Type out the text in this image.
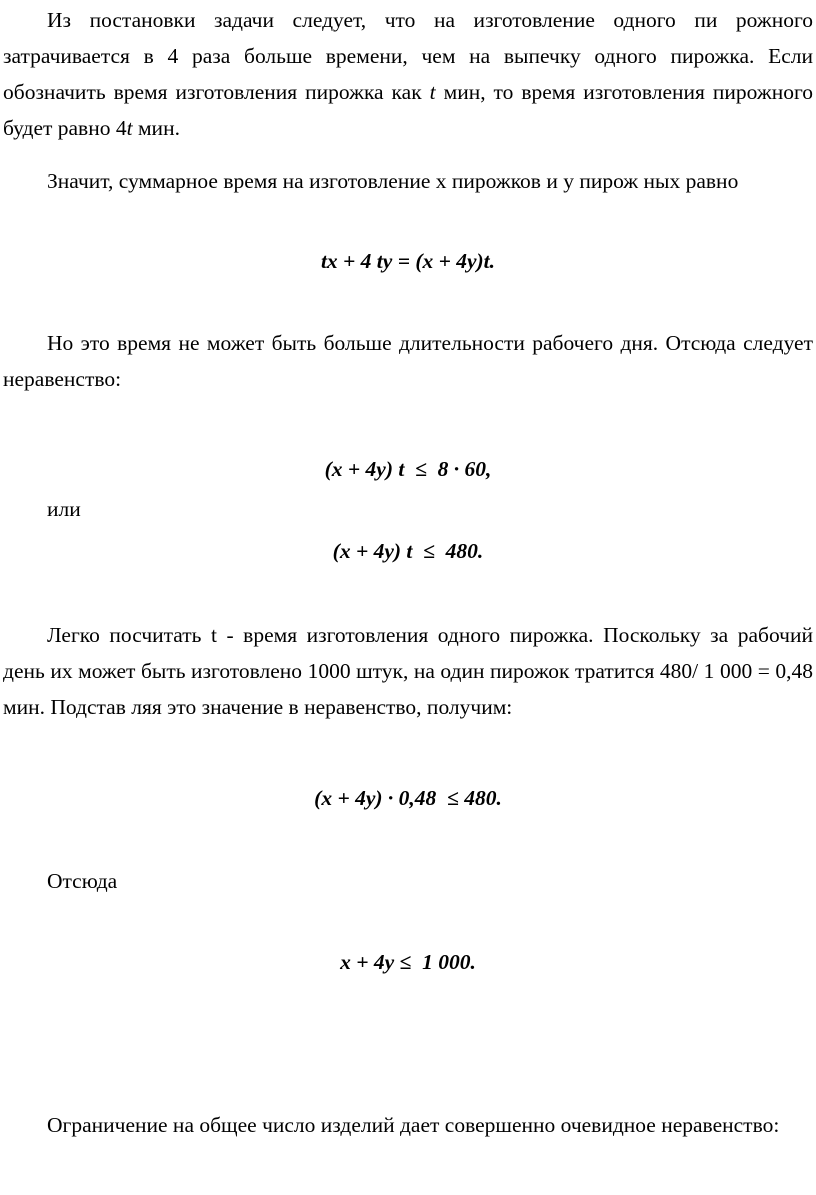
Из постановки задачи следует, что на изготовление одного пи рожного затрачивается в 4 раза больше времени, чем на выпечку одного пирожка. Если обозначить время изготовления пирожка как t мин, то время изготовления пирожного будет равно 4t мин.

Значит, суммарное время на изготовление x пирожков и y пирож ных равно

tx + 4 ty = (x + 4y)t.

Но это время не может быть больше длительности рабочего дня. Отсюда следует неравенство:

(x + 4y) t  ≤  8 · 60,
или
(x + 4y) t  ≤  480.

Легко посчитать t - время изготовления одного пирожка. Поскольку за рабочий день их может быть изготовлено 1000 штук, на один пирожок тратится 480/ 1 000 = 0,48 мин. Подстав ляя это значение в неравенство, получим:

(x + 4y) · 0,48  ≤ 480.
Отсюда
x + 4y ≤  1 000.

Ограничение на общее число изделий дает совершенно очевидное неравенство:
